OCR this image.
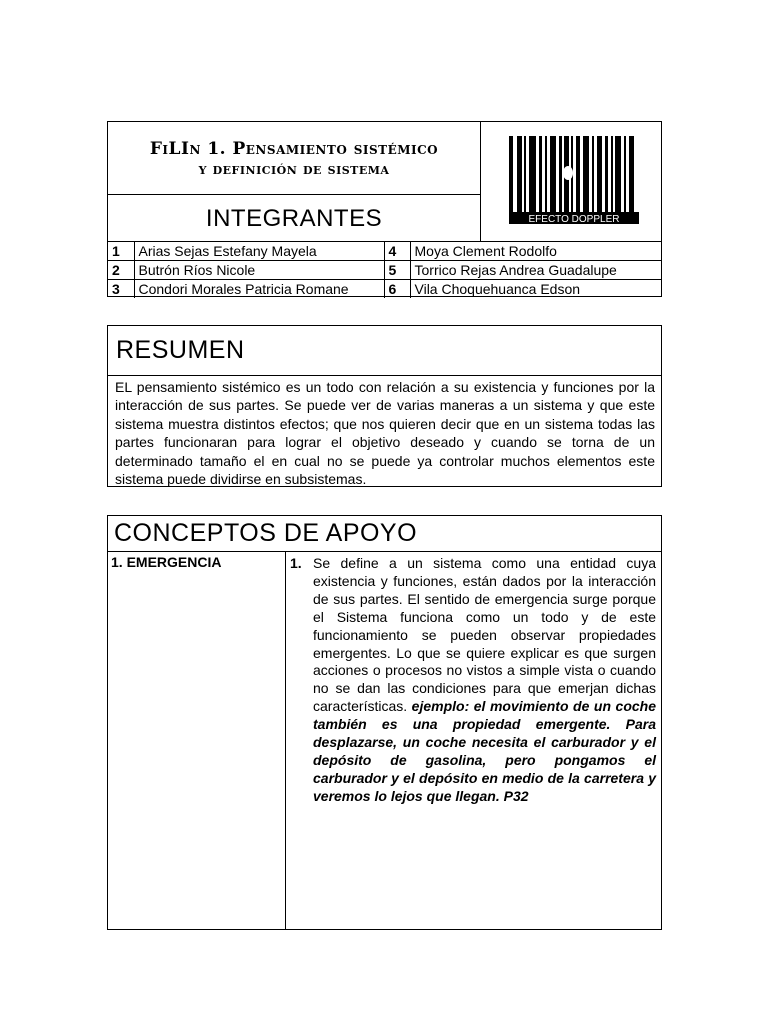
FiLIn 1. Pensamiento sistémico
y definición de sistema
INTEGRANTES	EFECTO DOPPLER
1	Arias Sejas Estefany Mayela	4	Moya Clement Rodolfo
2	Butrón Ríos Nicole	5	Torrico Rejas Andrea Guadalupe
3	Condori Morales Patricia Romane	6	Vila Choquehuanca Edson
RESUMEN
EL pensamiento sistémico es un todo con relación a su existencia y funciones por la interacción de sus partes. Se puede ver de varias maneras a un sistema y que este sistema muestra distintos efectos; que nos quieren decir que en un sistema todas las partes funcionaran para lograr el objetivo deseado y cuando se torna de un determinado tamaño el en cual no se puede ya controlar muchos elementos este sistema puede dividirse en subsistemas.
CONCEPTOS DE APOYO
1. EMERGENCIA	1. Se define a un sistema como una entidad cuya existencia y funciones, están dados por la interacción de sus partes. El sentido de emergencia surge porque el Sistema funciona como un todo y de este funcionamiento se pueden observar propiedades emergentes. Lo que se quiere explicar es que surgen acciones o procesos no vistos a simple vista o cuando no se dan las condiciones para que emerjan dichas características. ejemplo: el movimiento de un coche también es una propiedad emergente. Para desplazarse, un coche necesita el carburador y el depósito de gasolina, pero pongamos el carburador y el depósito en medio de la carretera y veremos lo lejos que llegan. P32
